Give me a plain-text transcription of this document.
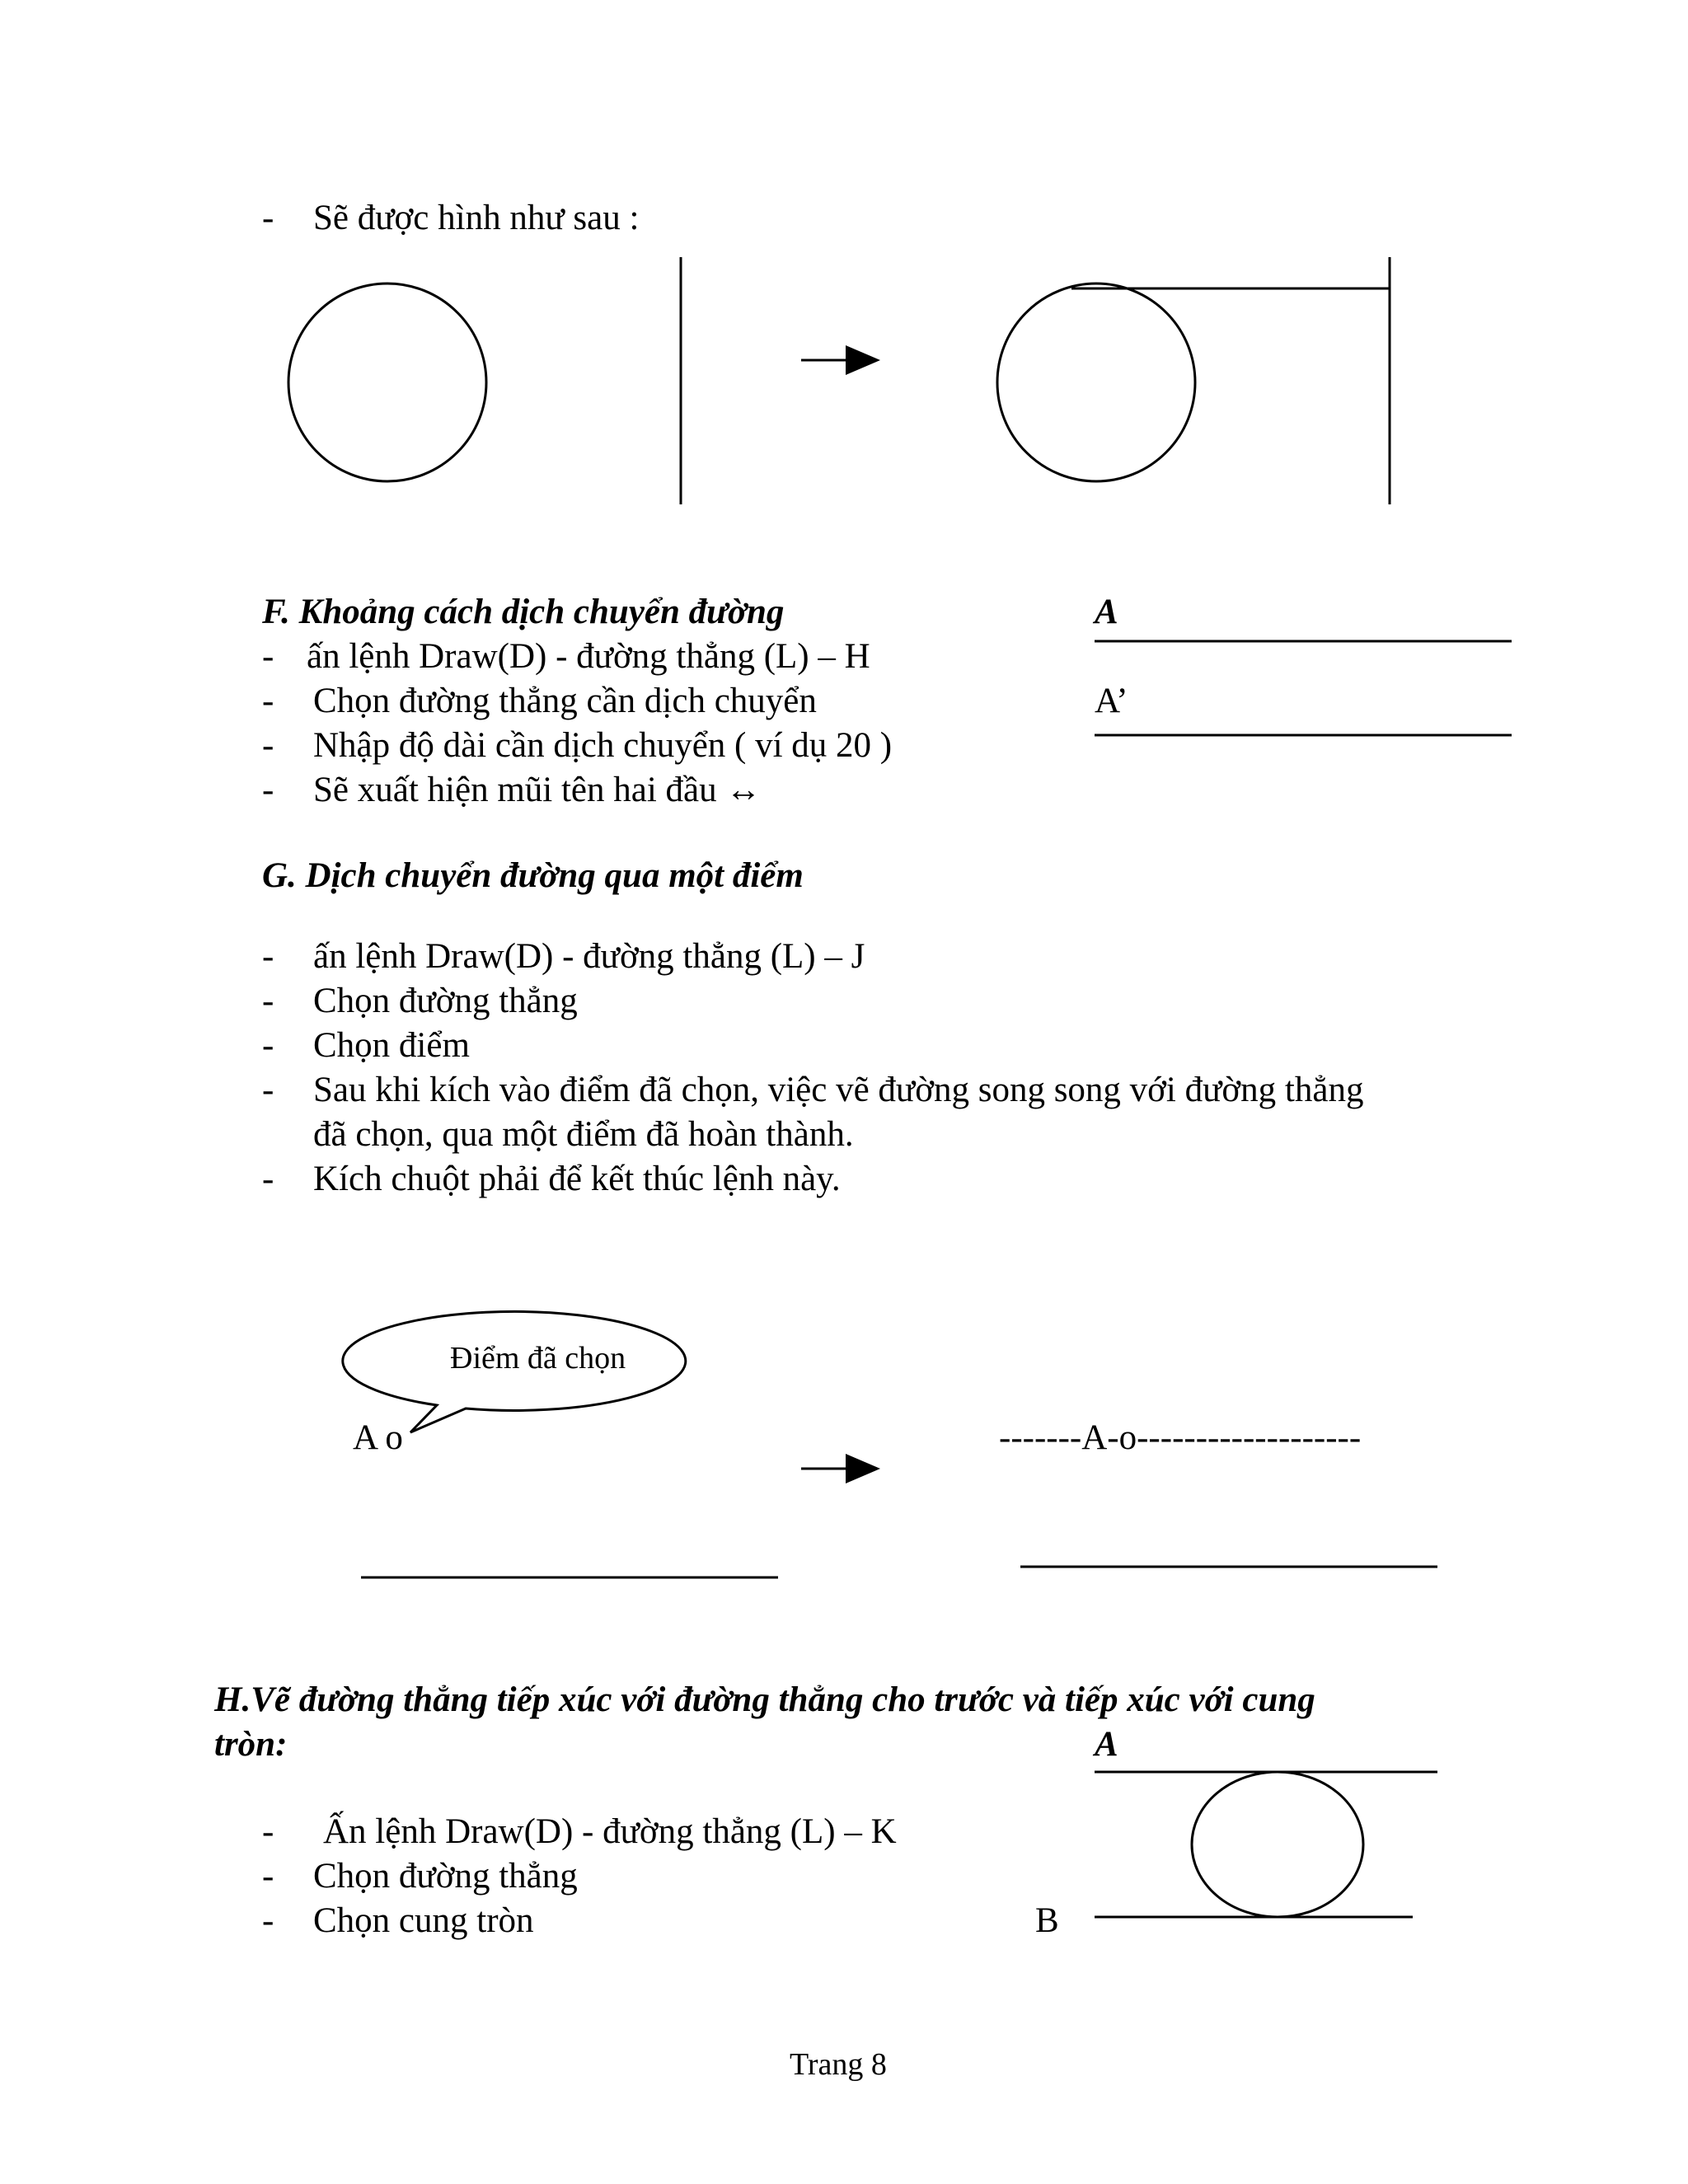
- Sẽ được hình như sau :
F. Khoảng cách dịch chuyển đường	A
- ấn lệnh Draw(D) - đường thẳng (L) – H
- Chọn đường thẳng cần dịch chuyển	A’
- Nhập độ dài cần dịch chuyển ( ví dụ 20 )
- Sẽ xuất hiện mũi tên hai đầu ↔
G. Dịch chuyển đường qua một điểm
- ấn lệnh Draw(D) - đường thẳng (L) – J
- Chọn đường thẳng
- Chọn điểm
- Sau khi kích vào điểm đã chọn, việc vẽ đường song song với đường thẳng
đã chọn, qua một điểm đã hoàn thành.
- Kích chuột phải để kết thúc lệnh này.
Điểm đã chọn
A o	-------A-o-------------------
H.Vẽ đường thẳng tiếp xúc với đường thẳng cho trước và tiếp xúc với cung
tròn:	A
- Ấn lệnh Draw(D) - đường thẳng (L) – K
- Chọn đường thẳng
- Chọn cung tròn	B
Trang 8
